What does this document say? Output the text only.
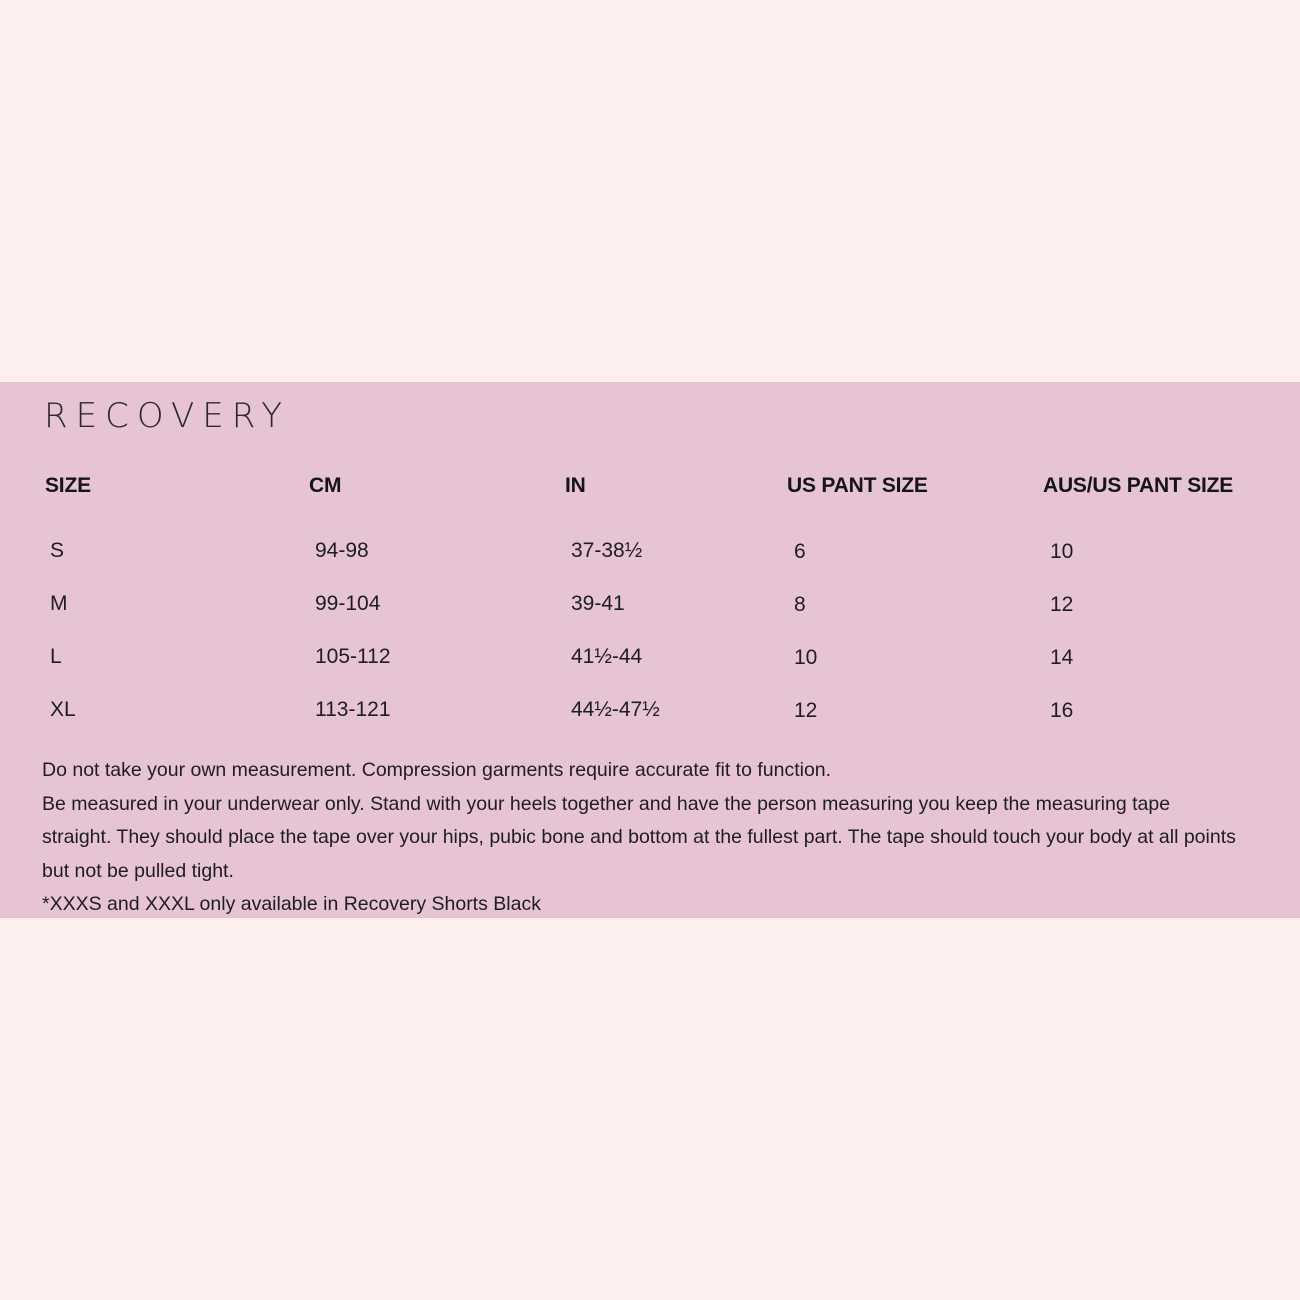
RECOVERY
SIZE	CM	IN	US PANT SIZE	AUS/US PANT SIZE
S	94-98	37-38½	6	10
M	99-104	39-41	8	12
L	105-112	41½-44	10	14
XL	113-121	44½-47½	12	16

Do not take your own measurement. Compression garments require accurate fit to function.

Be measured in your underwear only. Stand with your heels together and have the person measuring you keep the measuring tape straight. They should place the tape over your hips, pubic bone and bottom at the fullest part. The tape should touch your body at all points but not be pulled tight.

*XXXS and XXXL only available in Recovery Shorts Black
